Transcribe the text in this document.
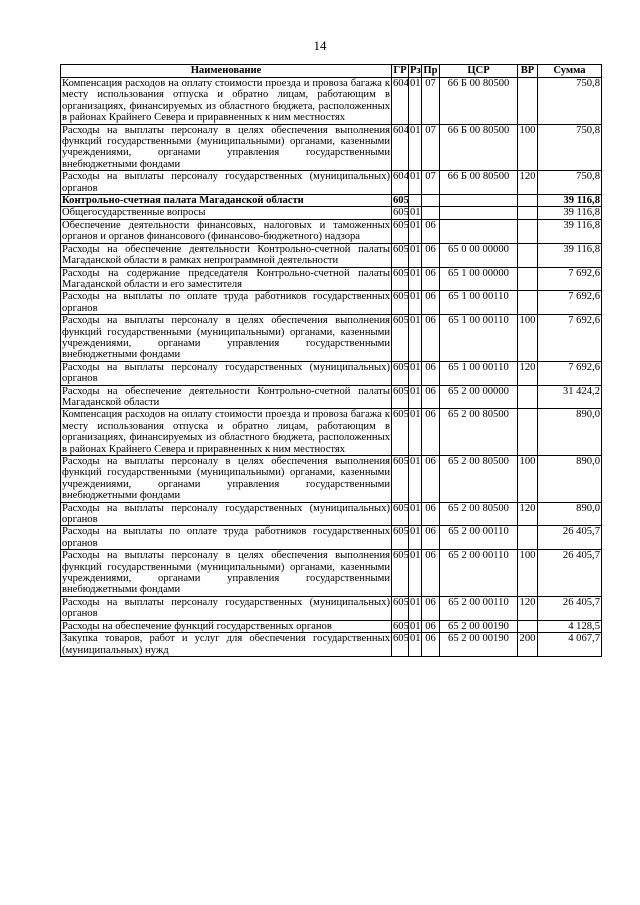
14
Наименование	ГР	Рз	Пр	ЦСР	ВР	Сумма
Компенсация расходов на оплату стоимости проезда и провоза багажа к месту использования отпуска и обратно лицам, работающим в организациях, финансируемых из областного бюджета, расположенных в районах Крайнего Севера и приравненных к ним местностях	604	01	07	66 Б 00 80500		750,8
Расходы на выплаты персоналу в целях обеспечения выполнения функций государственными (муниципальными) органами, казенными учреждениями, органами управления государственными внебюджетными фондами	604	01	07	66 Б 00 80500	100	750,8
Расходы на выплаты персоналу государственных (муниципальных) органов	604	01	07	66 Б 00 80500	120	750,8
Контрольно-счетная палата Магаданской области	605					39 116,8
Общегосударственные вопросы	605	01				39 116,8
Обеспечение деятельности финансовых, налоговых и таможенных органов и органов финансового (финансово-бюджетного) надзора	605	01	06			39 116,8
Расходы на обеспечение деятельности Контрольно-счетной палаты Магаданской области в рамках непрограммной деятельности	605	01	06	65 0 00 00000		39 116,8
Расходы на содержание председателя Контрольно-счетной палаты Магаданской области и его заместителя	605	01	06	65 1 00 00000		7 692,6
Расходы на выплаты по оплате труда работников государственных органов	605	01	06	65 1 00 00110		7 692,6
Расходы на выплаты персоналу в целях обеспечения выполнения функций государственными (муниципальными) органами, казенными учреждениями, органами управления государственными внебюджетными фондами	605	01	06	65 1 00 00110	100	7 692,6
Расходы на выплаты персоналу государственных (муниципальных) органов	605	01	06	65 1 00 00110	120	7 692,6
Расходы на обеспечение деятельности Контрольно-счетной палаты Магаданской области	605	01	06	65 2 00 00000		31 424,2
Компенсация расходов на оплату стоимости проезда и провоза багажа к месту использования отпуска и обратно лицам, работающим в организациях, финансируемых из областного бюджета, расположенных в районах Крайнего Севера и приравненных к ним местностях	605	01	06	65 2 00 80500		890,0
Расходы на выплаты персоналу в целях обеспечения выполнения функций государственными (муниципальными) органами, казенными учреждениями, органами управления государственными внебюджетными фондами	605	01	06	65 2 00 80500	100	890,0
Расходы на выплаты персоналу государственных (муниципальных) органов	605	01	06	65 2 00 80500	120	890,0
Расходы на выплаты по оплате труда работников государственных органов	605	01	06	65 2 00 00110		26 405,7
Расходы на выплаты персоналу в целях обеспечения выполнения функций государственными (муниципальными) органами, казенными учреждениями, органами управления государственными внебюджетными фондами	605	01	06	65 2 00 00110	100	26 405,7
Расходы на выплаты персоналу государственных (муниципальных) органов	605	01	06	65 2 00 00110	120	26 405,7
Расходы на обеспечение функций государственных органов	605	01	06	65 2 00 00190		4 128,5
Закупка товаров, работ и услуг для обеспечения государственных (муниципальных) нужд	605	01	06	65 2 00 00190	200	4 067,7
